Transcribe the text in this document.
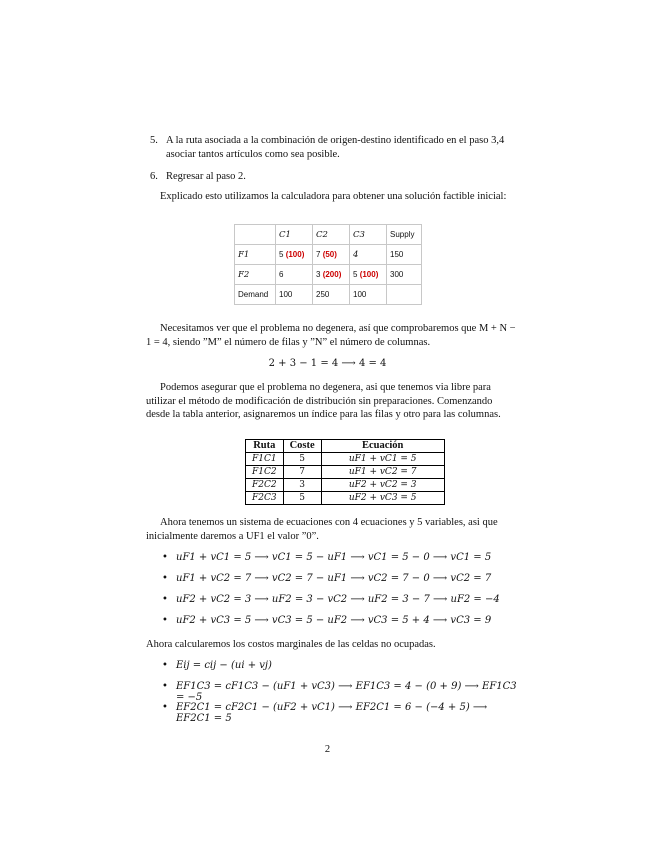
5. A la ruta asociada a la combinación de origen-destino identificado en el paso 3,4 asociar tantos artículos como sea posible.
6. Regresar al paso 2.

Explicado esto utilizamos la calculadora para obtener una solución factible inicial:

	C1	C2	C3	Supply
F1	5 (100)	7 (50)	4	150
F2	6	3 (200)	5 (100)	300
Demand	100	250	100	

Necesitamos ver que el problema no degenera, así que comprobaremos que M + N − 1 = 4, siendo ”M” el número de filas y ”N” el número de columnas.

2 + 3 − 1 = 4 ⟶ 4 = 4

Podemos asegurar que el problema no degenera, asi que tenemos via libre para utilizar el método de modificación de distribución sin preparaciones. Comenzando desde la tabla anterior, asignaremos un índice para las filas y otro para las columnas.

Ruta	Coste	Ecuación
F1C1	5	uF1 + vC1 = 5
F1C2	7	uF1 + vC2 = 7
F2C2	3	uF2 + vC2 = 3
F2C3	5	uF2 + vC3 = 5

Ahora tenemos un sistema de ecuaciones con 4 ecuaciones y 5 variables, asi que inicialmente daremos a UF1 el valor ”0”.

• uF1 + vC1 = 5 ⟶ vC1 = 5 − uF1 ⟶ vC1 = 5 − 0 ⟶ vC1 = 5
• uF1 + vC2 = 7 ⟶ vC2 = 7 − uF1 ⟶ vC2 = 7 − 0 ⟶ vC2 = 7
• uF2 + vC2 = 3 ⟶ uF2 = 3 − vC2 ⟶ uF2 = 3 − 7 ⟶ uF2 = −4
• uF2 + vC3 = 5 ⟶ vC3 = 5 − uF2 ⟶ vC3 = 5 + 4 ⟶ vC3 = 9

Ahora calcularemos los costos marginales de las celdas no ocupadas.

• Eij = cij − (ui + vj)
• EF1C3 = cF1C3 − (uF1 + vC3) ⟶ EF1C3 = 4 − (0 + 9) ⟶ EF1C3 = −5
• EF2C1 = cF2C1 − (uF2 + vC1) ⟶ EF2C1 = 6 − (−4 + 5) ⟶ EF2C1 = 5
2
